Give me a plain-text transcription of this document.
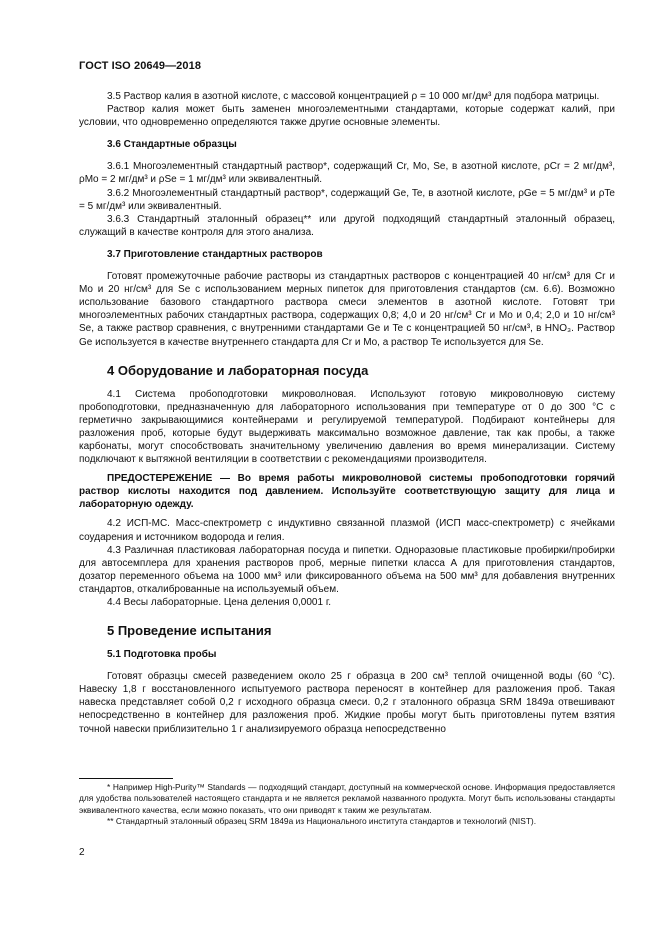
ГОСТ ISO 20649—2018

3.5 Раствор калия в азотной кислоте, с массовой концентрацией ρ = 10 000 мг/дм³ для подбора матрицы.

Раствор калия может быть заменен многоэлементными стандартами, которые содержат калий, при условии, что одновременно определяются также другие основные элементы.

3.6 Стандартные образцы

3.6.1 Многоэлементный стандартный раствор*, содержащий Cr, Mo, Se, в азотной кислоте, ρCr = 2 мг/дм³, ρMo = 2 мг/дм³ и ρSe = 1 мг/дм³ или эквивалентный.

3.6.2 Многоэлементный стандартный раствор*, содержащий Ge, Te, в азотной кислоте, ρGe = 5 мг/дм³ и ρTe = 5 мг/дм³ или эквивалентный.

3.6.3 Стандартный эталонный образец** или другой подходящий стандартный эталонный образец, служащий в качестве контроля для этого анализа.

3.7 Приготовление стандартных растворов

Готовят промежуточные рабочие растворы из стандартных растворов с концентрацией 40 нг/см³ для Cr и Mo и 20 нг/см³ для Se с использованием мерных пипеток для приготовления стандартов (см. 6.6). Возможно использование базового стандартного раствора смеси элементов в азотной кислоте. Готовят три многоэлементных рабочих стандартных раствора, содержащих 0,8; 4,0 и 20 нг/см³ Cr и Mo и 0,4; 2,0 и 10 нг/см³ Se, а также раствор сравнения, с внутренними стандартами Ge и Te с концентрацией 50 нг/см³, в HNO₃. Раствор Ge используется в качестве внутреннего стандарта для Cr и Mo, а раствор Te используется для Se.

4 Оборудование и лабораторная посуда

4.1 Система пробоподготовки микроволновая. Используют готовую микроволновую систему пробоподготовки, предназначенную для лабораторного использования при температуре от 0 до 300 °С с герметично закрывающимися контейнерами и регулируемой температурой. Подбирают контейнеры для разложения проб, которые будут выдерживать максимально возможное давление, так как пробы, а также карбонаты, могут способствовать значительному увеличению давления во время минерализации. Систему подключают к вытяжной вентиляции в соответствии с рекомендациями производителя.

ПРЕДОСТЕРЕЖЕНИЕ — Во время работы микроволновой системы пробоподготовки горячий раствор кислоты находится под давлением. Используйте соответствующую защиту для лица и лабораторную одежду.

4.2 ИСП-МС. Масс-спектрометр с индуктивно связанной плазмой (ИСП масс-спектрометр) с ячейками соударения и источником водорода и гелия.

4.3 Различная пластиковая лабораторная посуда и пипетки. Одноразовые пластиковые пробирки/пробирки для автосемплера для хранения растворов проб, мерные пипетки класса А для приготовления стандартов, дозатор переменного объема на 1000 мм³ или фиксированного объема на 500 мм³ для добавления внутренних стандартов, откалиброванные на используемый объем.

4.4 Весы лабораторные. Цена деления 0,0001 г.

5 Проведение испытания

5.1 Подготовка пробы

Готовят образцы смесей разведением около 25 г образца в 200 см³ теплой очищенной воды (60 °С). Навеску 1,8 г восстановленного испытуемого раствора переносят в контейнер для разложения проб. Такая навеска представляет собой 0,2 г исходного образца смеси. 0,2 г эталонного образца SRM 1849a отвешивают непосредственно в контейнер для разложения проб. Жидкие пробы могут быть приготовлены путем взятия точной навески приблизительно 1 г анализируемого образца непосредственно

* Например High-Purity™ Standards — подходящий стандарт, доступный на коммерческой основе. Информация предоставляется для удобства пользователей настоящего стандарта и не является рекламой названного продукта. Могут быть использованы стандарты эквивалентного качества, если можно показать, что они приводят к таким же результатам.

** Стандартный эталонный образец SRM 1849a из Национального института стандартов и технологий (NIST).

2
